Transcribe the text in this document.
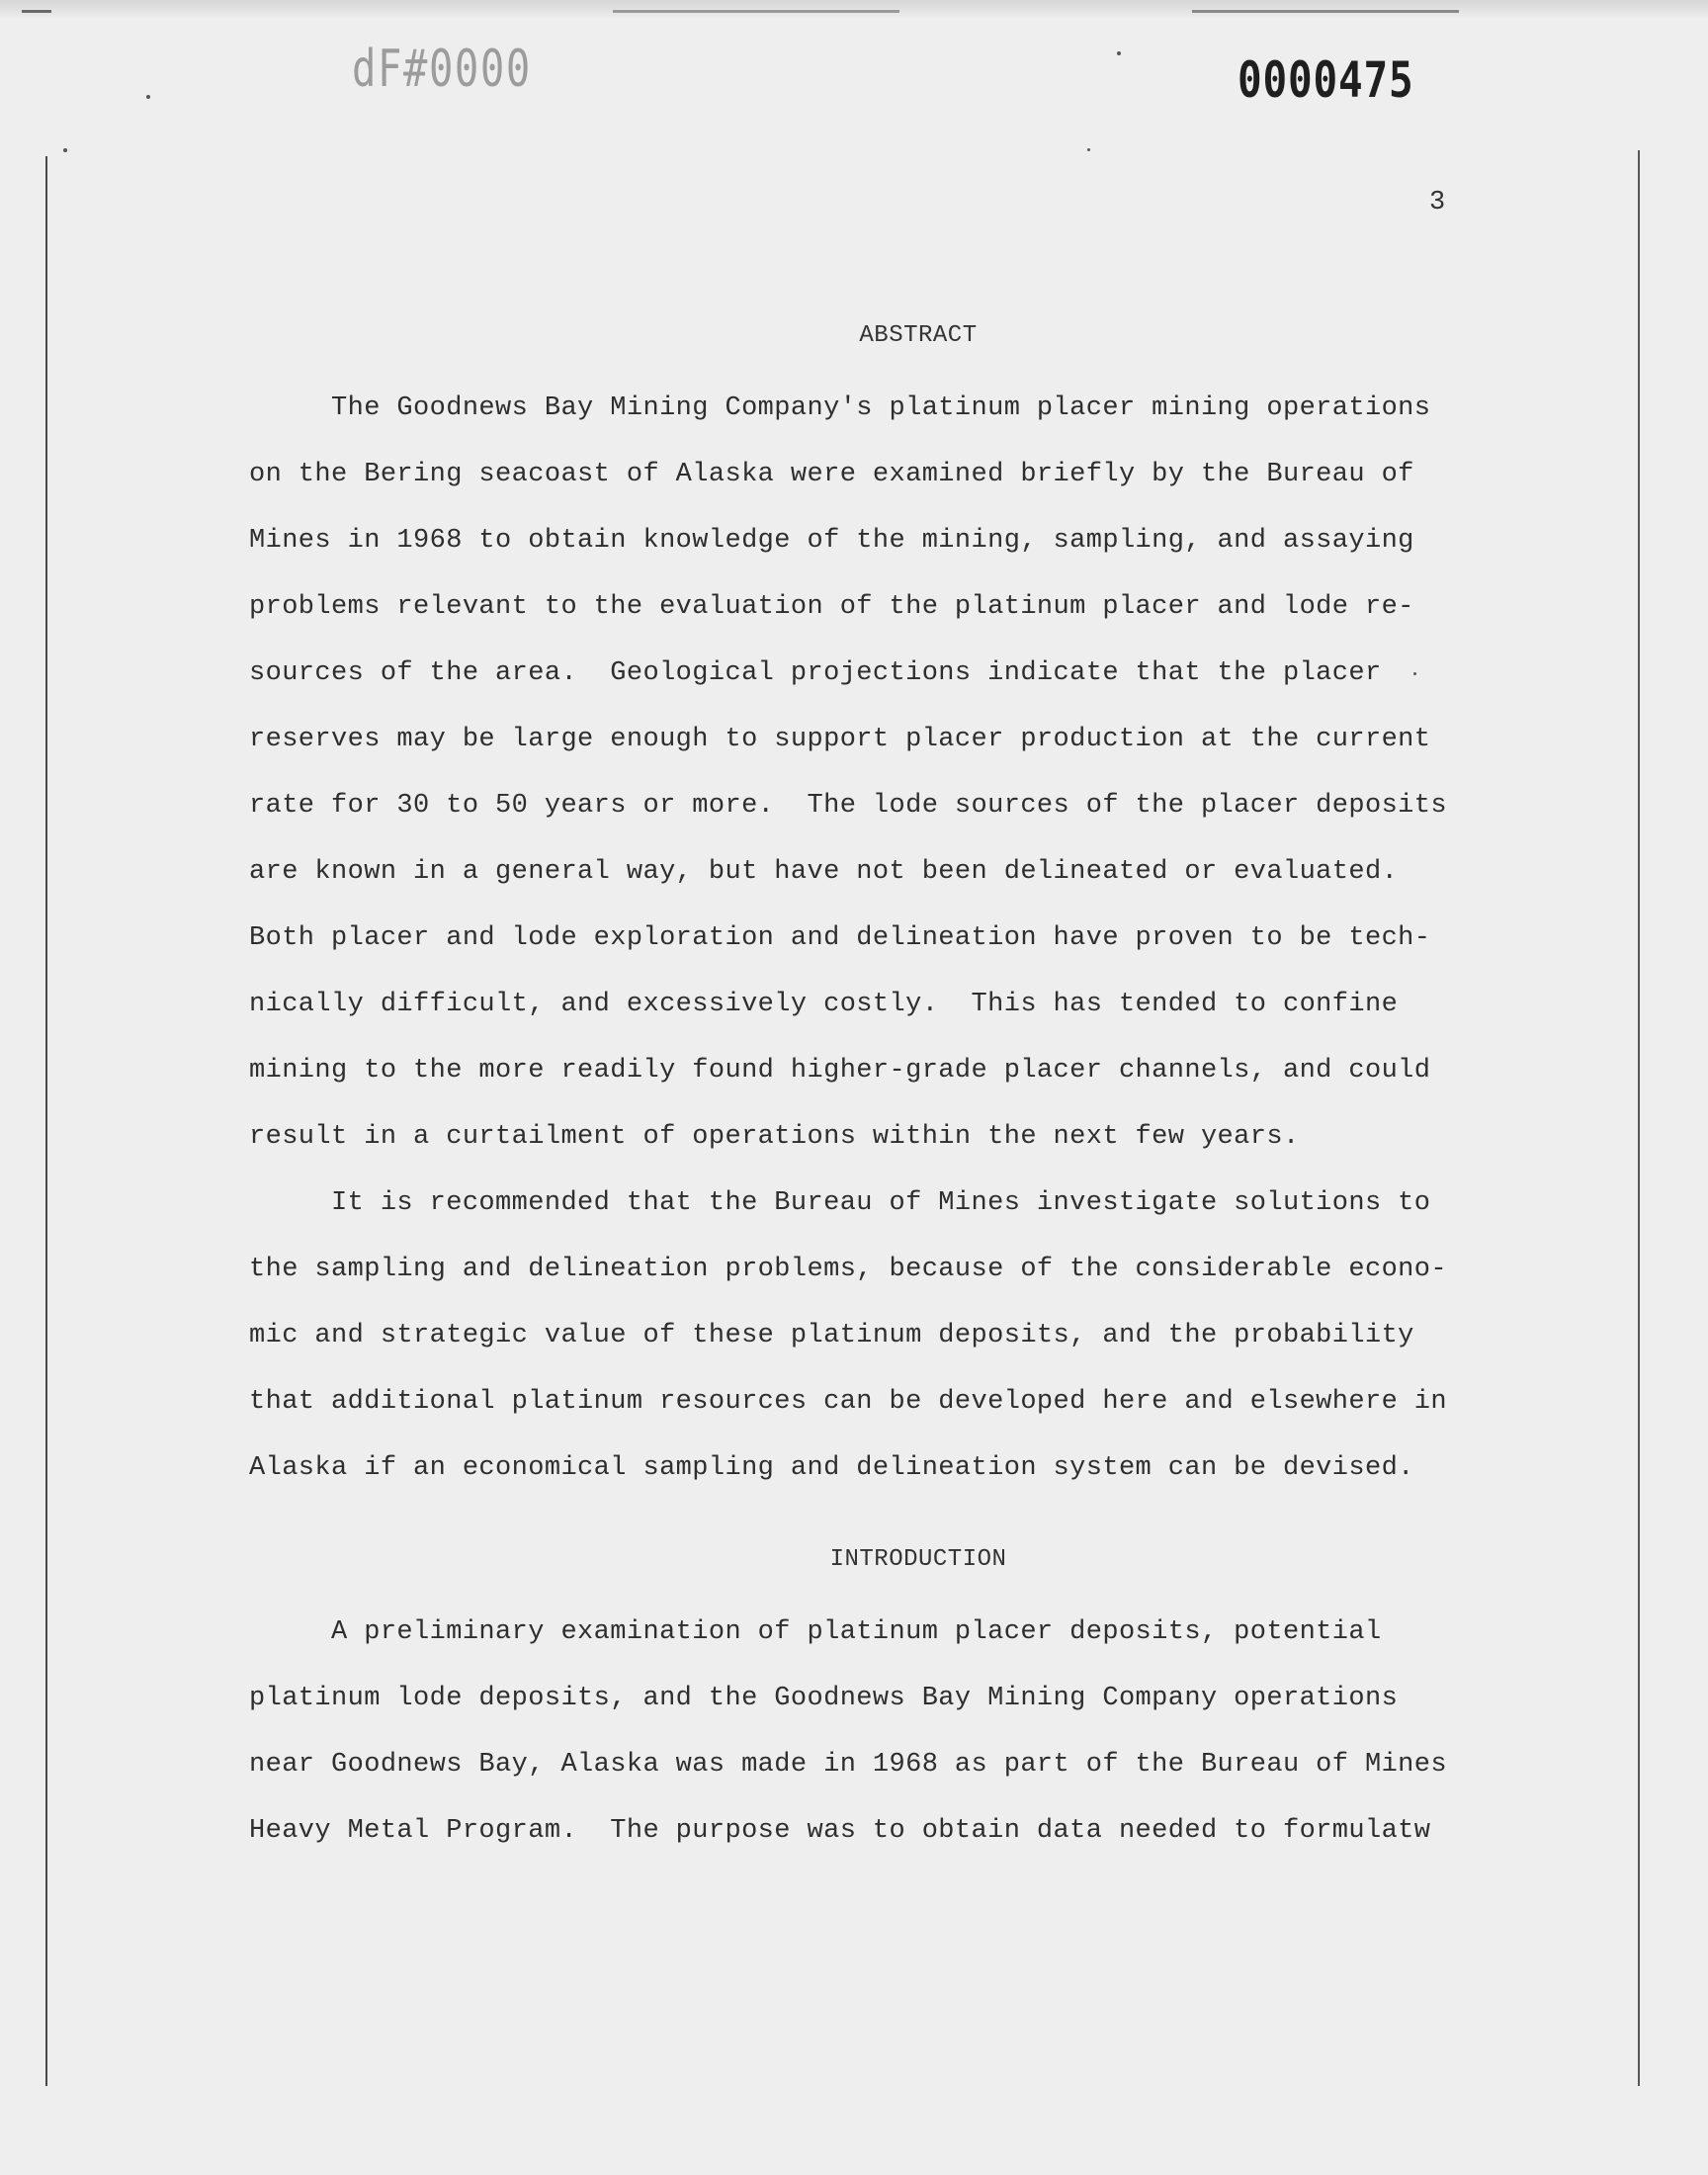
dF#0000	0000475
3
ABSTRACT
The Goodnews Bay Mining Company's platinum placer mining operations
on the Bering seacoast of Alaska were examined briefly by the Bureau of
Mines in 1968 to obtain knowledge of the mining, sampling, and assaying
problems relevant to the evaluation of the platinum placer and lode re-
sources of the area.  Geological projections indicate that the placer
reserves may be large enough to support placer production at the current
rate for 30 to 50 years or more.  The lode sources of the placer deposits
are known in a general way, but have not been delineated or evaluated.
Both placer and lode exploration and delineation have proven to be tech-
nically difficult, and excessively costly.  This has tended to confine
mining to the more readily found higher-grade placer channels, and could
result in a curtailment of operations within the next few years.
It is recommended that the Bureau of Mines investigate solutions to
the sampling and delineation problems, because of the considerable econo-
mic and strategic value of these platinum deposits, and the probability
that additional platinum resources can be developed here and elsewhere in
Alaska if an economical sampling and delineation system can be devised.
INTRODUCTION
A preliminary examination of platinum placer deposits, potential
platinum lode deposits, and the Goodnews Bay Mining Company operations
near Goodnews Bay, Alaska was made in 1968 as part of the Bureau of Mines
Heavy Metal Program.  The purpose was to obtain data needed to formulatw
